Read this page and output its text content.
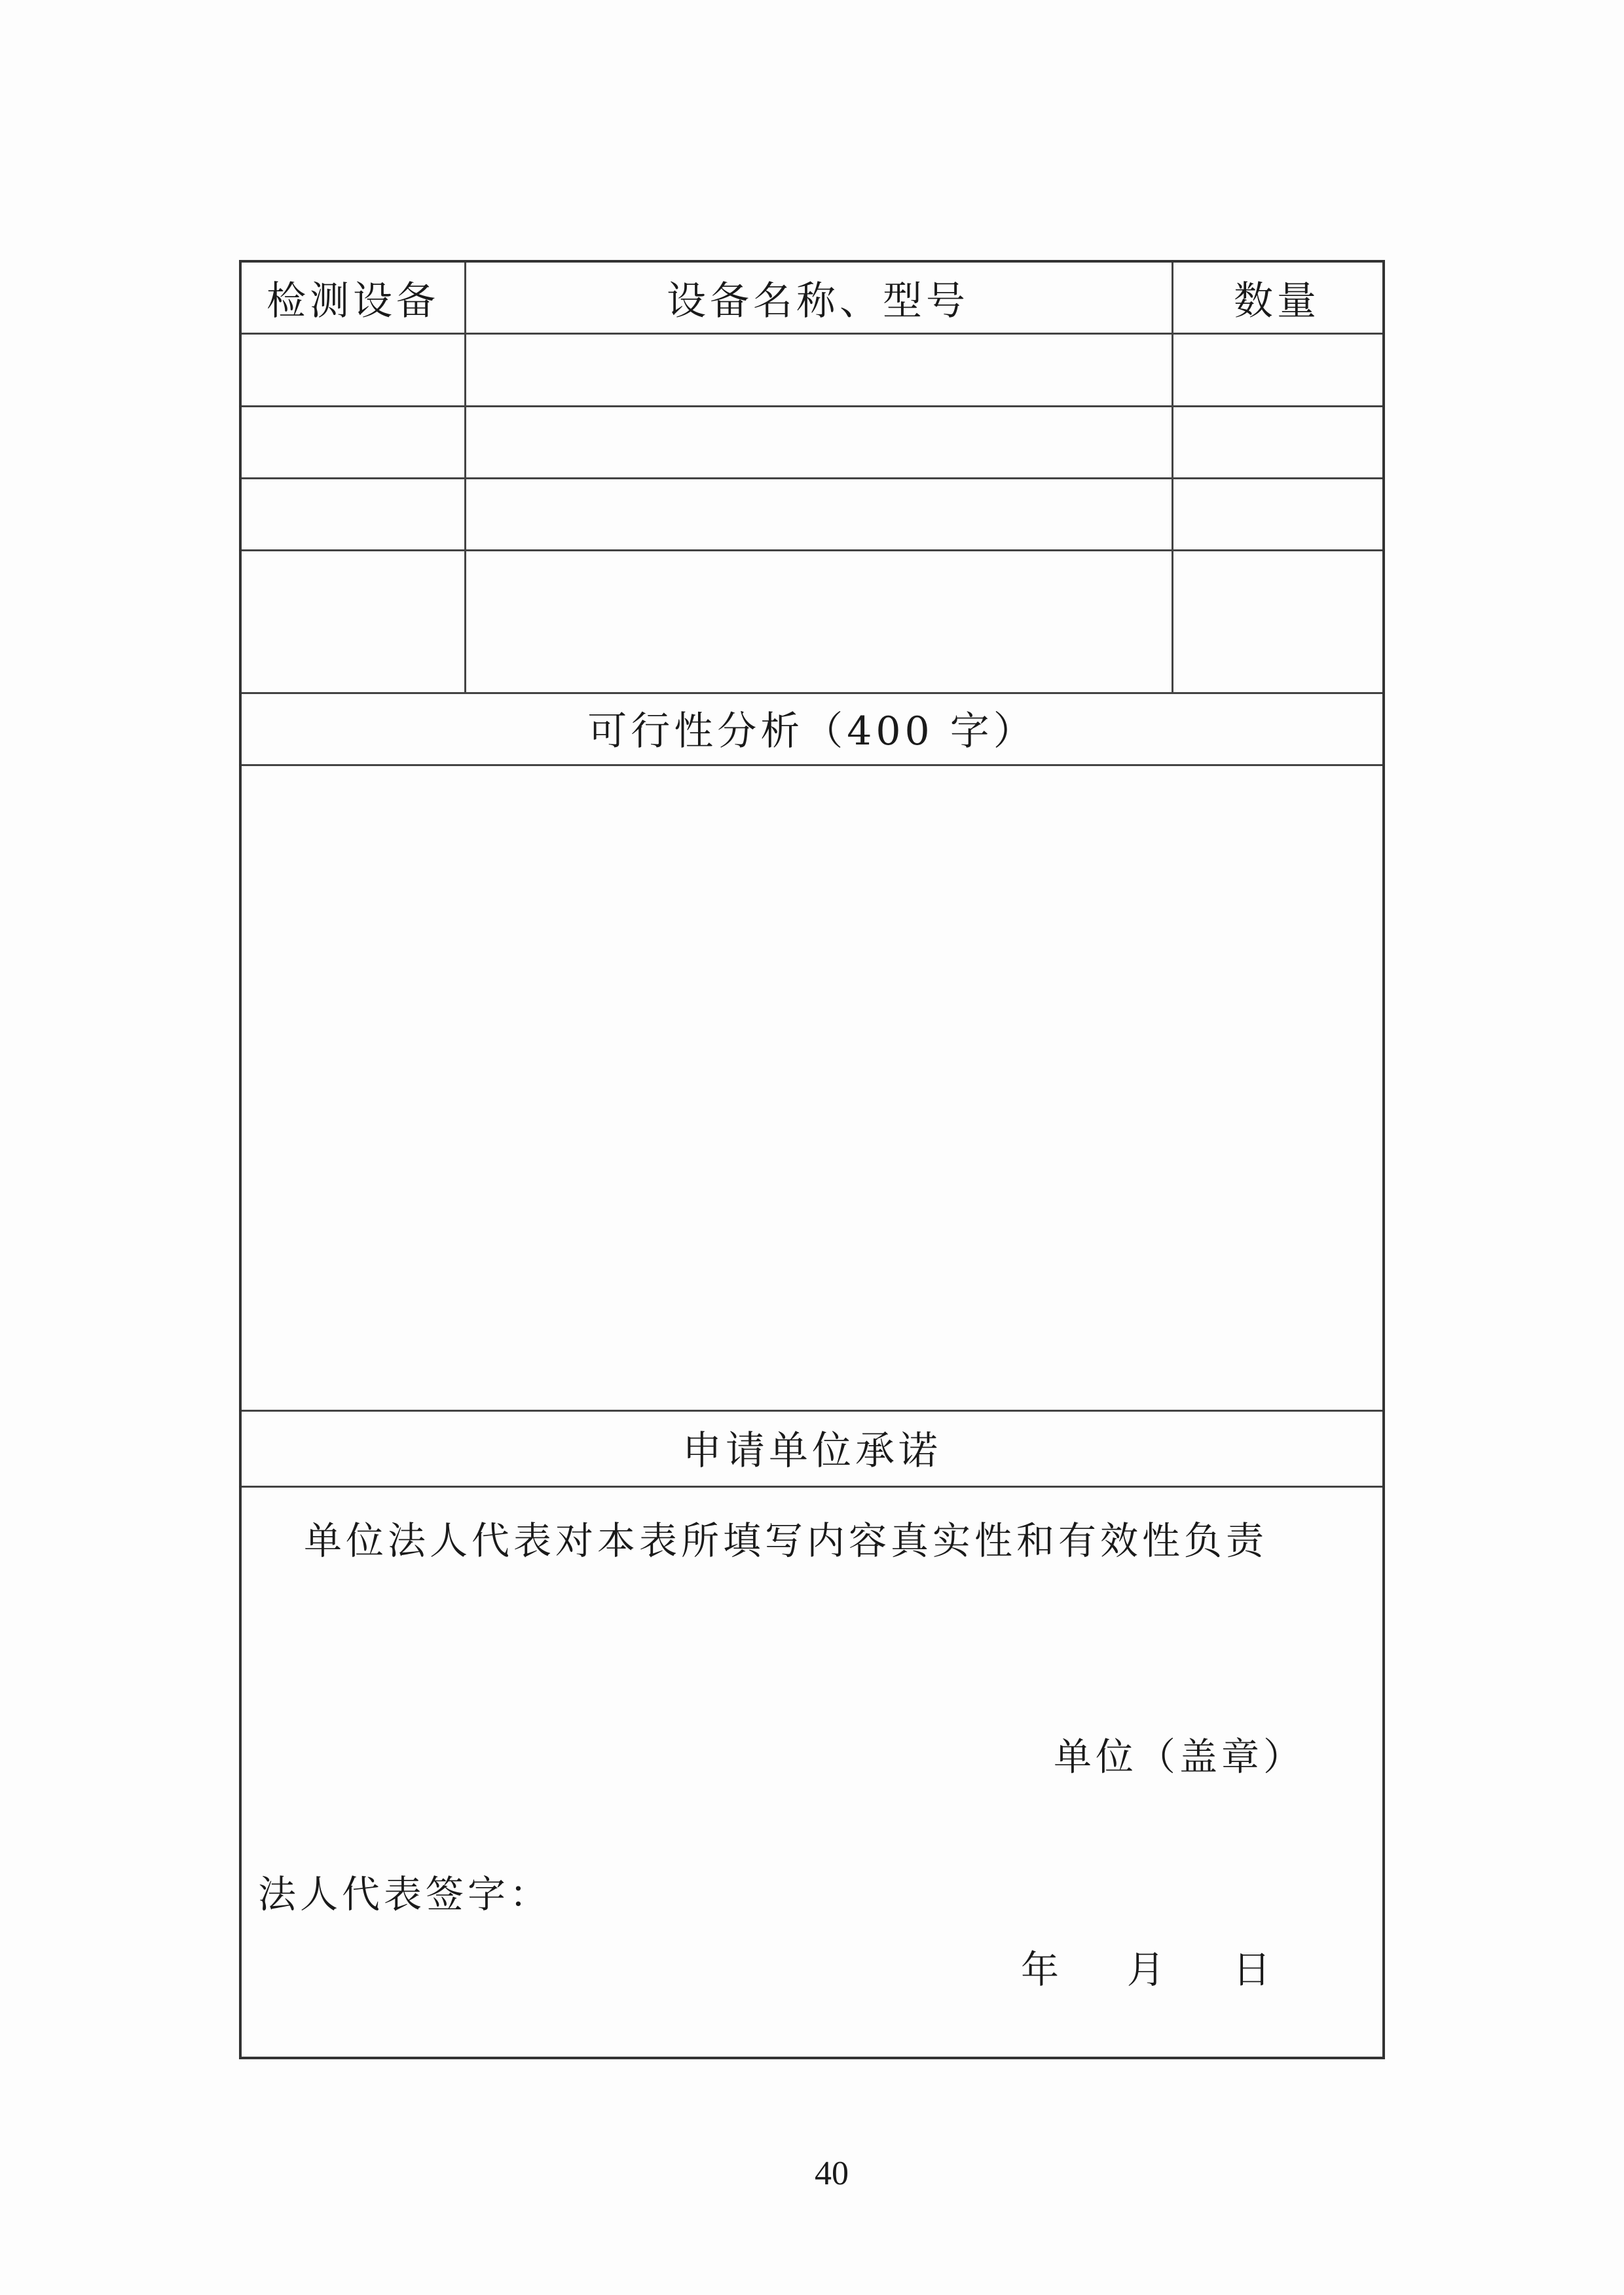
检测设备	设备名称、型号	数量
可行性分析（400 字）
申请单位承诺
单位法人代表对本表所填写内容真实性和有效性负责
单位（盖章）
法人代表签字：
年    月    日
40
